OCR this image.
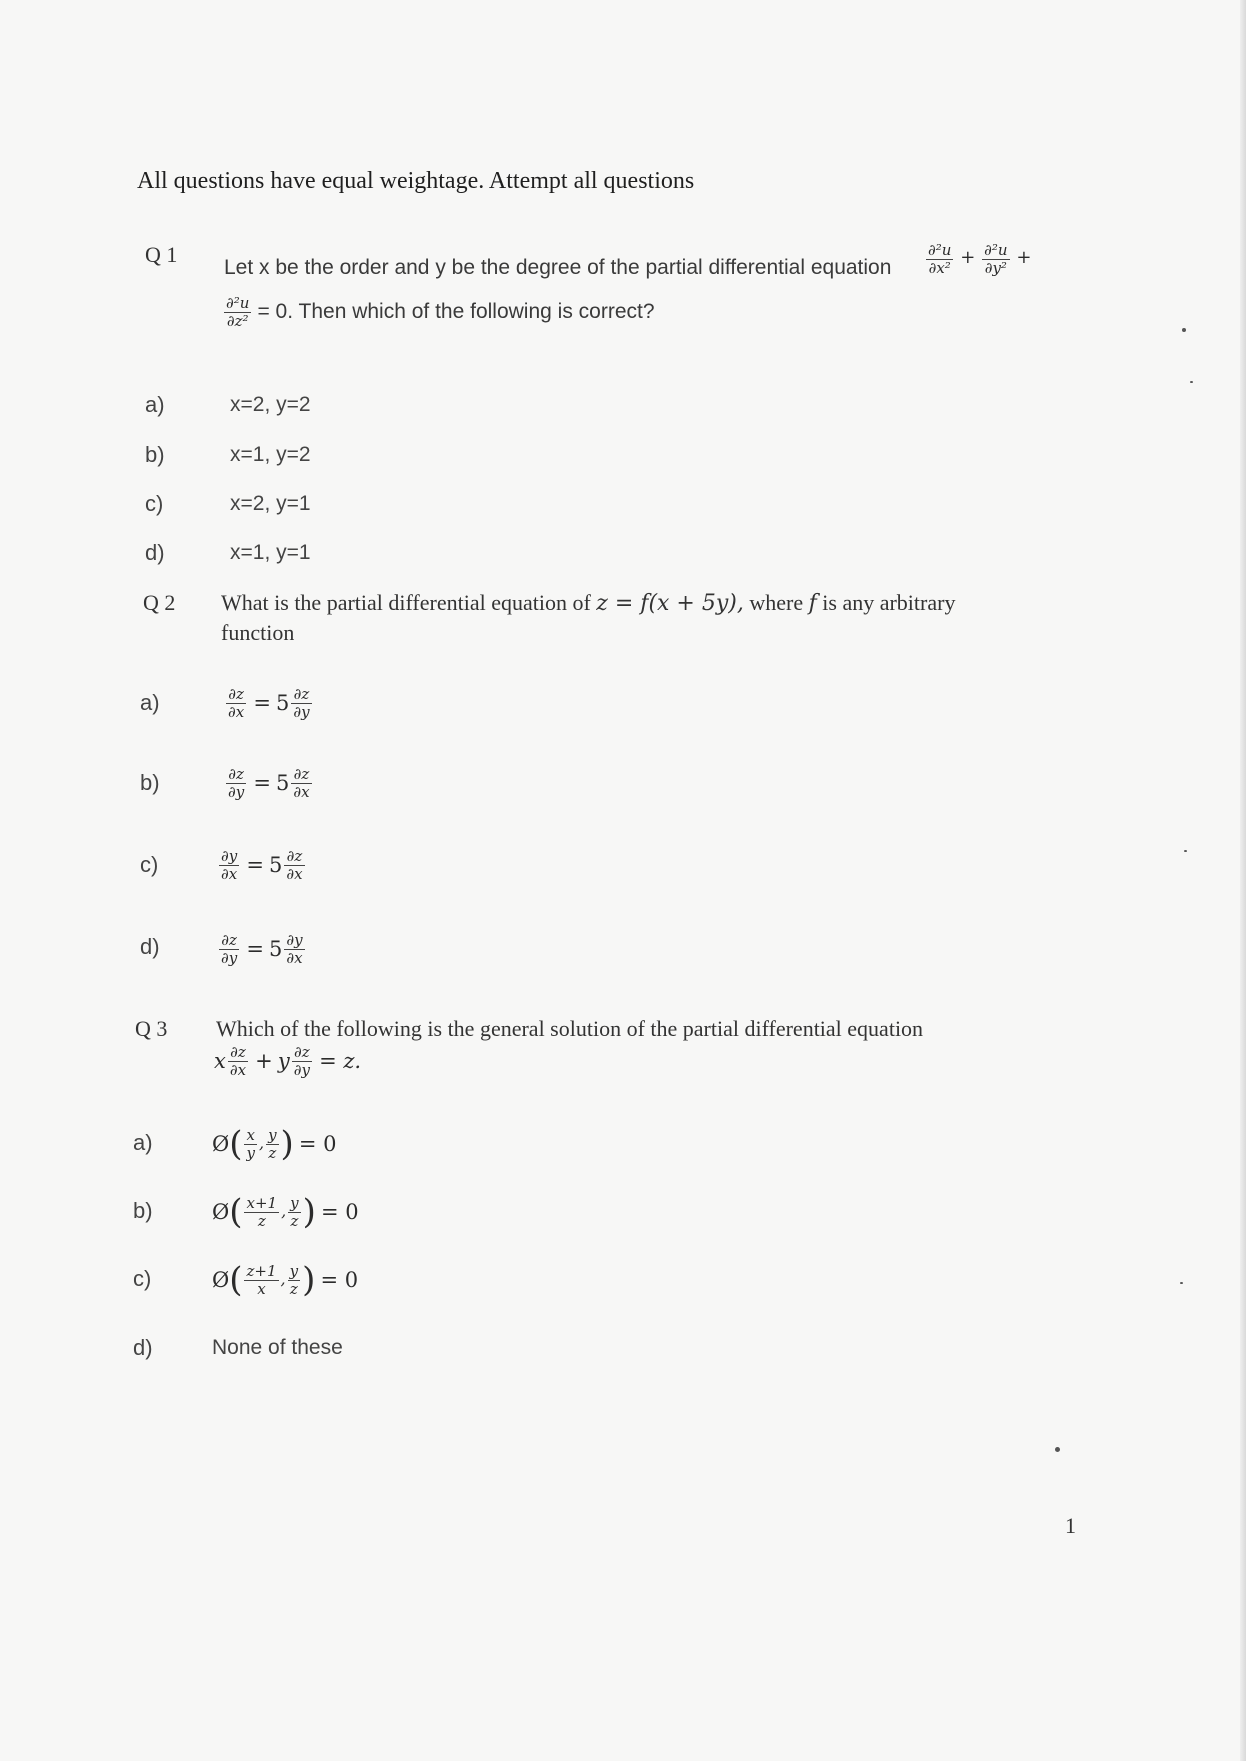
All questions have equal weightage. Attempt all questions
Q 1
Let x be the order and y be the degree of the partial differential equation $\frac{\text{∂²u}}{\text{∂x²}} + \frac{\text{∂²u}}{\text{∂y²}}$ +
$\frac{\text{∂²u}}{\text{∂z²}} = 0$. Then which of the following is correct?
a)	x=2, y=2
b)	x=1, y=2
c)	x=2, y=1
d)	x=1, y=1
Q 2 What is the partial differential equation of z = f(x + 5y), where f is any arbitrary
function
a)	$\frac{\partial z}{\partial x} = 5 \frac{\partial z}{\partial y}$
b)	$\frac{\partial z}{\partial y} = 5 \frac{\partial z}{\partial x}$
c)	$\frac{\partial y}{\partial x} = 5 \frac{\partial z}{\partial x}$
d)	$\frac{\partial z}{\partial y} = 5 \frac{\partial y}{\partial x}$
Q 3 Which of the following is the general solution of the partial differential equation
x $\frac{\partial z}{\partial x} + y \frac{\partial z}{\partial y} = z$.
a)	Ø( $\frac{x}{y}$ , $\frac{y}{z}$ ) = 0
b)	Ø( $\frac{x+1}{z}$ , $\frac{y}{z}$ ) = 0
c)	Ø( $\frac{z+1}{x}$ , $\frac{y}{z}$ ) = 0
d)	None of these
1
